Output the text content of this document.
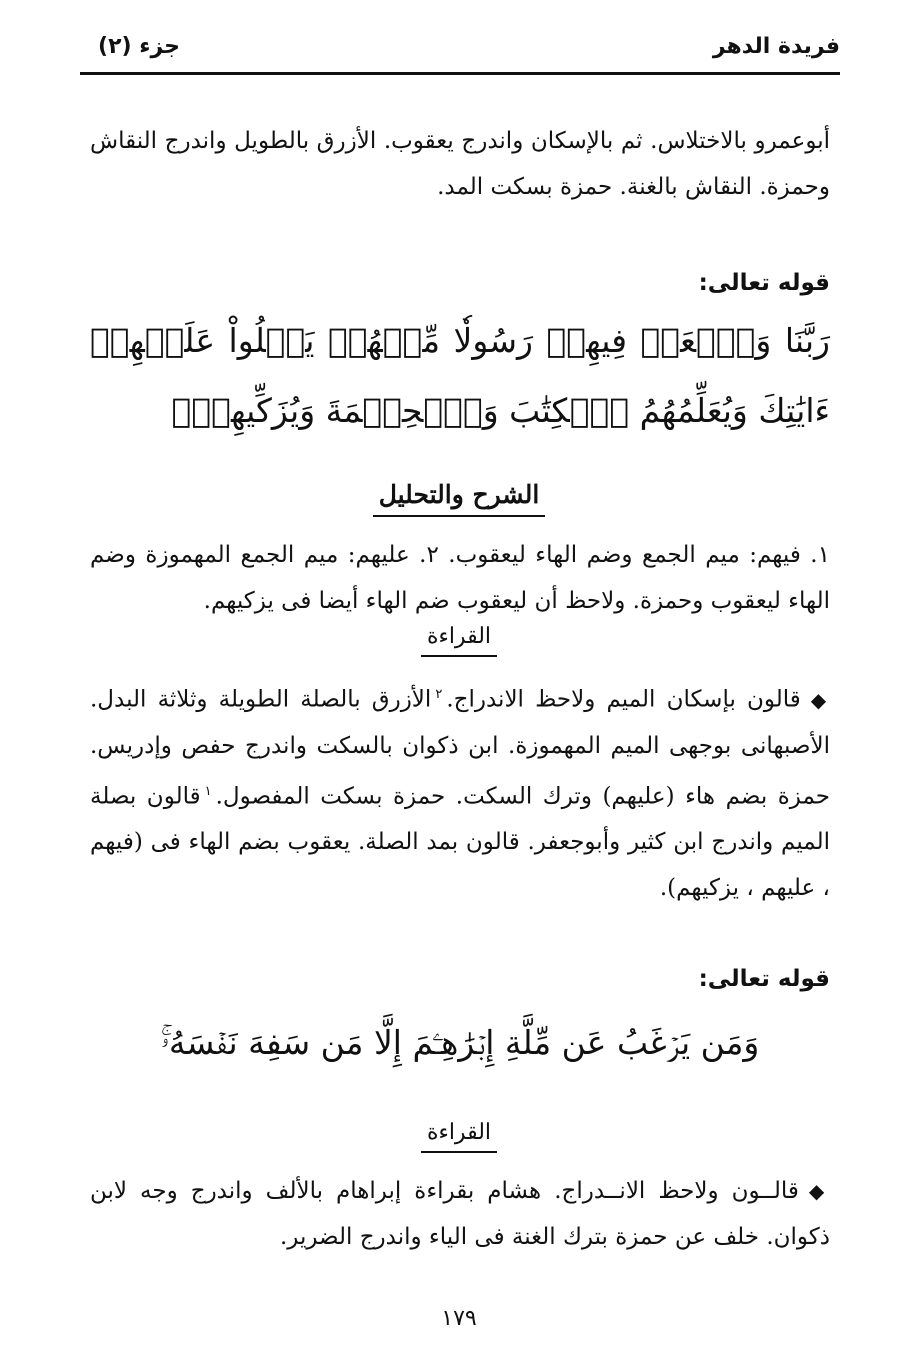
فريدة الدهر
جزء (٢)
أبوعمرو بالاختلاس. ثم بالإسكان واندرج يعقوب. الأزرق بالطويل واندرج النقاش وحمزة. النقاش بالغنة. حمزة بسكت المد.
قوله تعالى:
رَبَّنَا وَٱبۡعَثۡ فِيهِمۡ رَسُولٗا مِّنۡهُمۡ يَتۡلُواْ عَلَيۡهِمۡ ءَايَٰتِكَ وَيُعَلِّمُهُمُ ٱلۡكِتَٰبَ وَٱلۡحِكۡمَةَ وَيُزَكِّيهِمۡۚ
الشرح والتحليل
١. فيهم: ميم الجمع وضم الهاء ليعقوب. ٢. عليهم: ميم الجمع المهموزة وضم الهاء ليعقوب وحمزة. ولاحظ أن ليعقوب ضم الهاء أيضا فى يزكيهم.
القراءة
◆قالون بإسكان الميم ولاحظ الاندراج.$^٢$الأزرق بالصلة الطويلة وثلاثة البدل. الأصبهانى بوجهى الميم المهموزة. ابن ذكوان بالسكت واندرج حفص وإدريس. حمزة بضم هاء (عليهم) وترك السكت. حمزة بسكت المفصول.$^١$قالون بصلة الميم واندرج ابن كثير وأبوجعفر. قالون بمد الصلة. يعقوب بضم الهاء فى (فيهم ، عليهم ، يزكيهم).
قوله تعالى:
وَمَن يَرۡغَبُ عَن مِّلَّةِ إِبۡرَٰهِـۧمَ إِلَّا مَن سَفِهَ نَفۡسَهُۥۚ
القراءة
◆قالــون ولاحظ الانــدراج. هشام بقراءة إبراهام بالألف واندرج وجه لابن ذكوان. خلف عن حمزة بترك الغنة فى الياء واندرج الضرير.
١٧٩
